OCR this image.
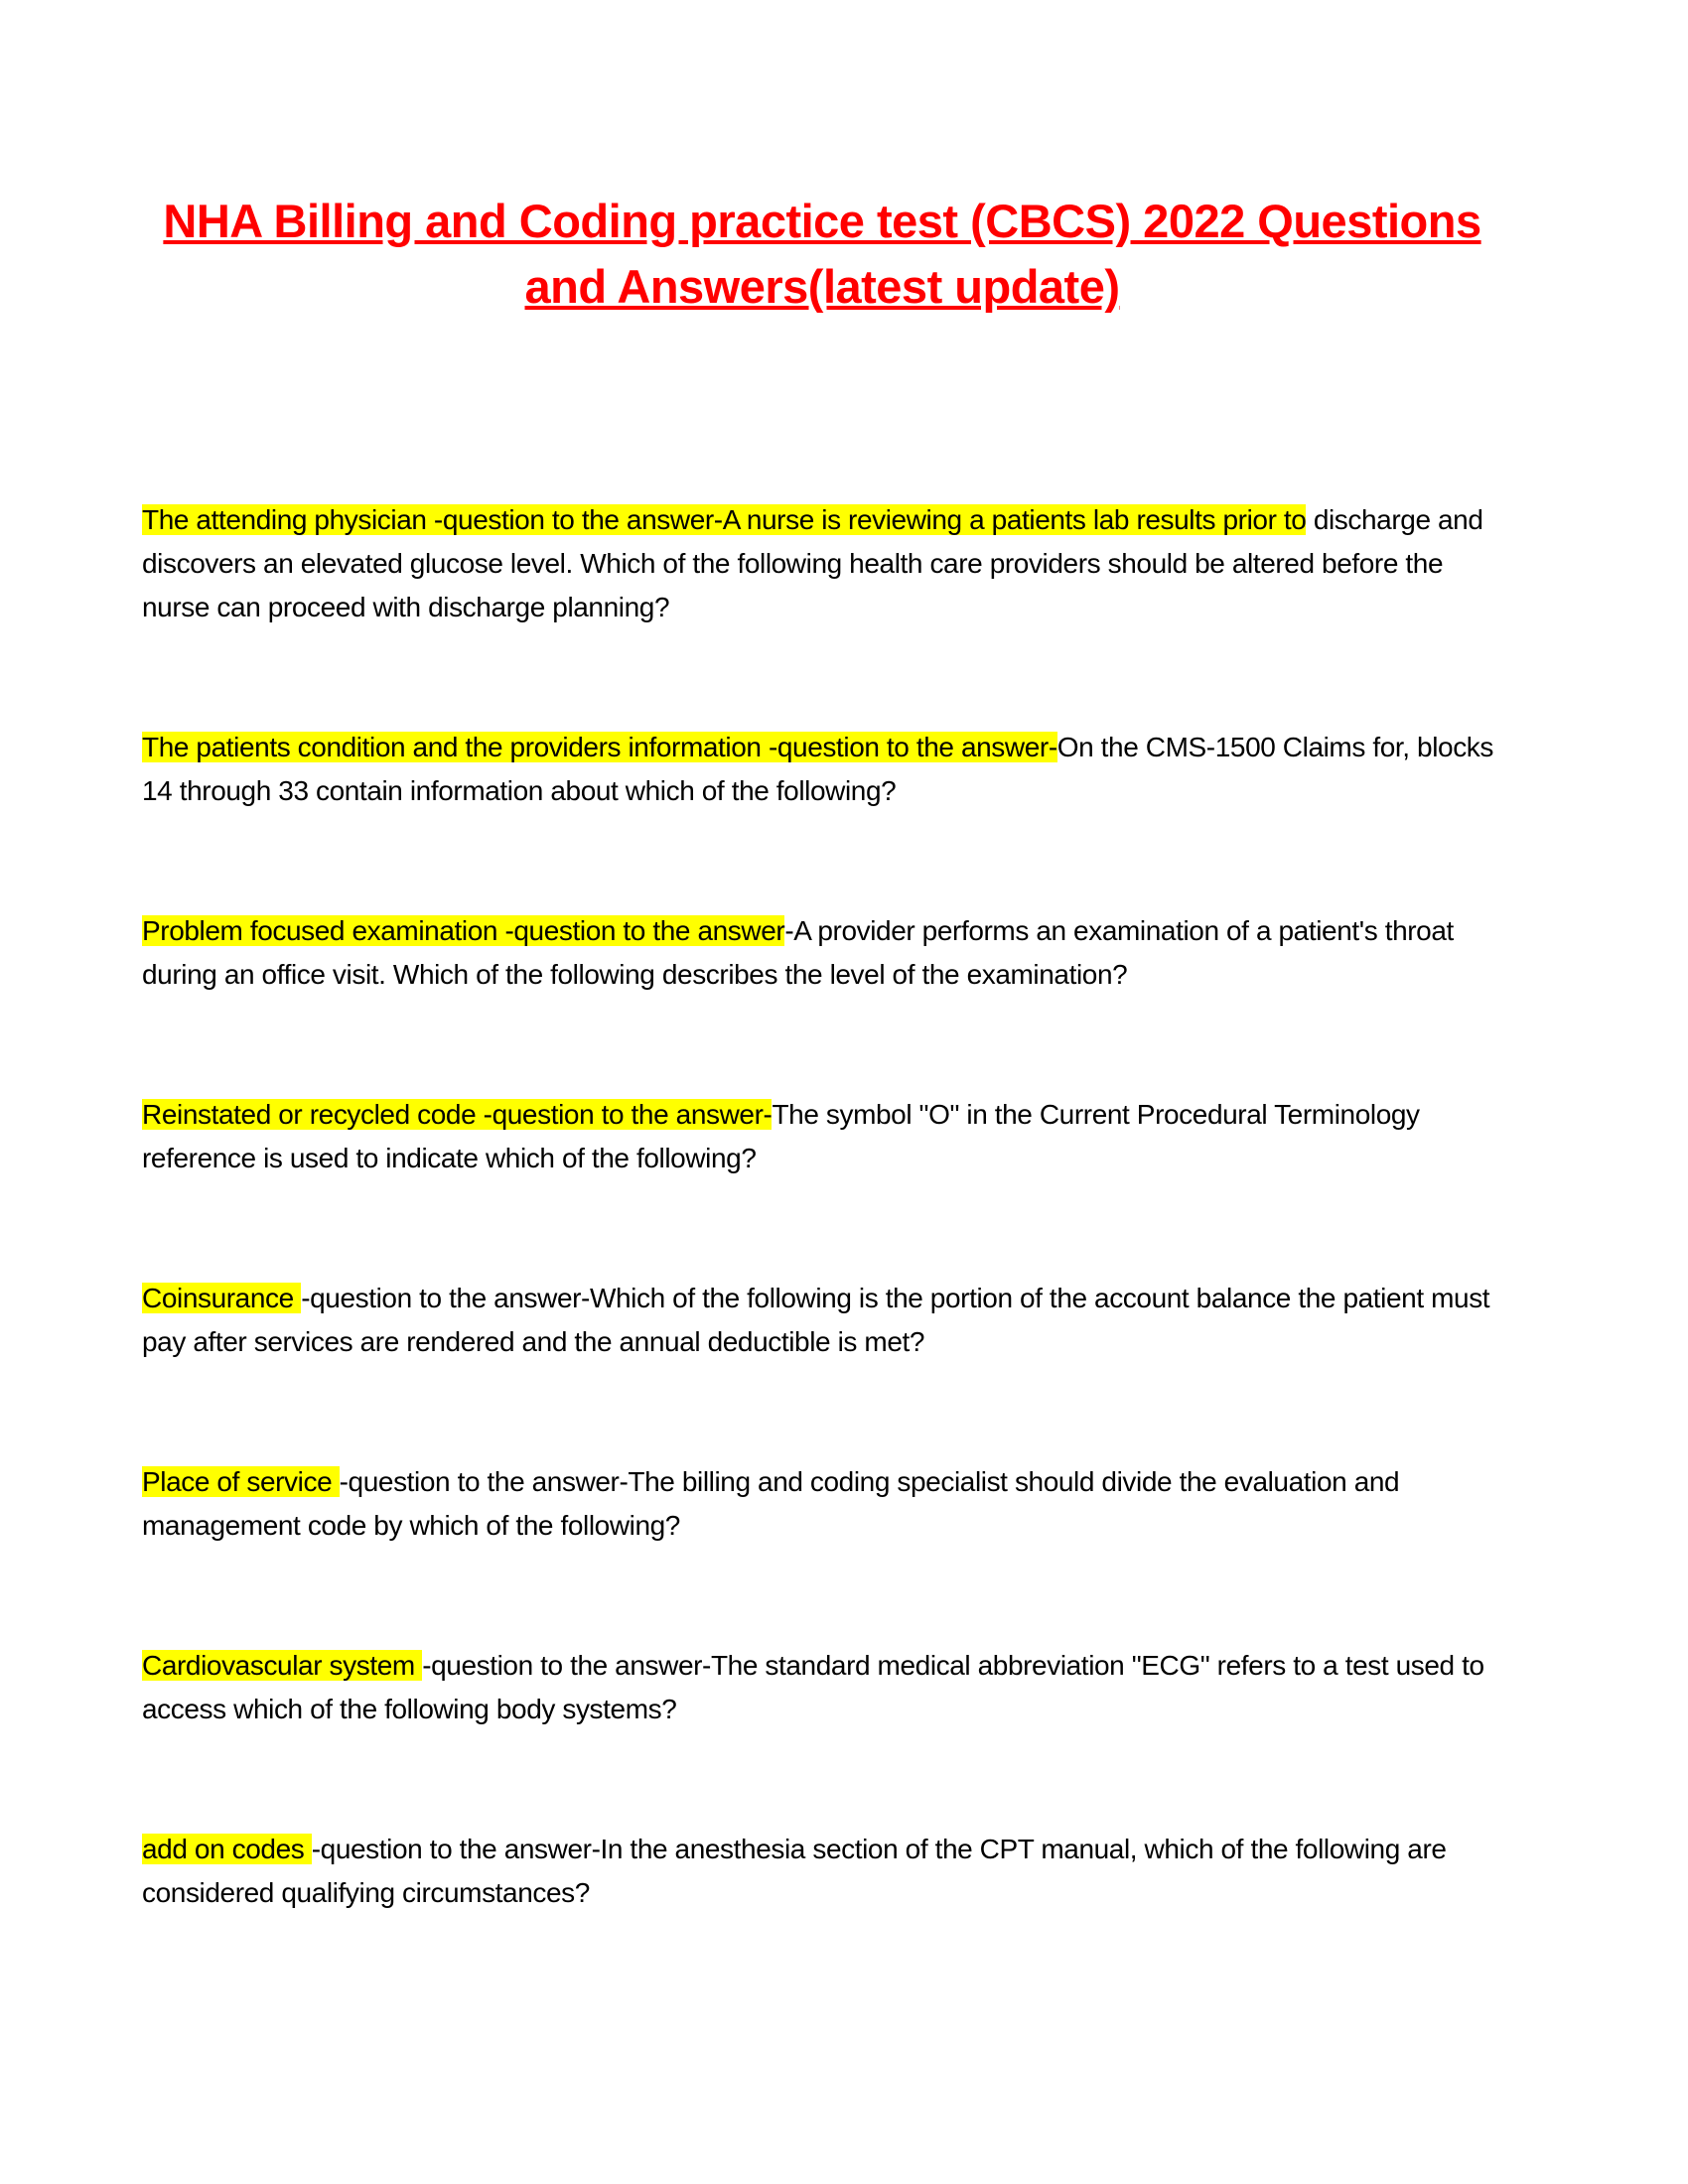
NHA Billing and Coding practice test (CBCS) 2022 Questions
and Answers(latest update)

The attending physician -question to the answer-A nurse is reviewing a patients lab results prior to discharge and discovers an elevated glucose level. Which of the following health care providers should be altered before the nurse can proceed with discharge planning?

The patients condition and the providers information -question to the answer-On the CMS-1500 Claims for, blocks 14 through 33 contain information about which of the following?

Problem focused examination -question to the answer-A provider performs an examination of a patient's throat during an office visit. Which of the following describes the level of the examination?

Reinstated or recycled code -question to the answer-The symbol "O" in the Current Procedural Terminology reference is used to indicate which of the following?

Coinsurance -question to the answer-Which of the following is the portion of the account balance the patient must pay after services are rendered and the annual deductible is met?

Place of service -question to the answer-The billing and coding specialist should divide the evaluation and management code by which of the following?

Cardiovascular system -question to the answer-The standard medical abbreviation "ECG" refers to a test used to access which of the following body systems?

add on codes -question to the answer-In the anesthesia section of the CPT manual, which of the following are considered qualifying circumstances?
